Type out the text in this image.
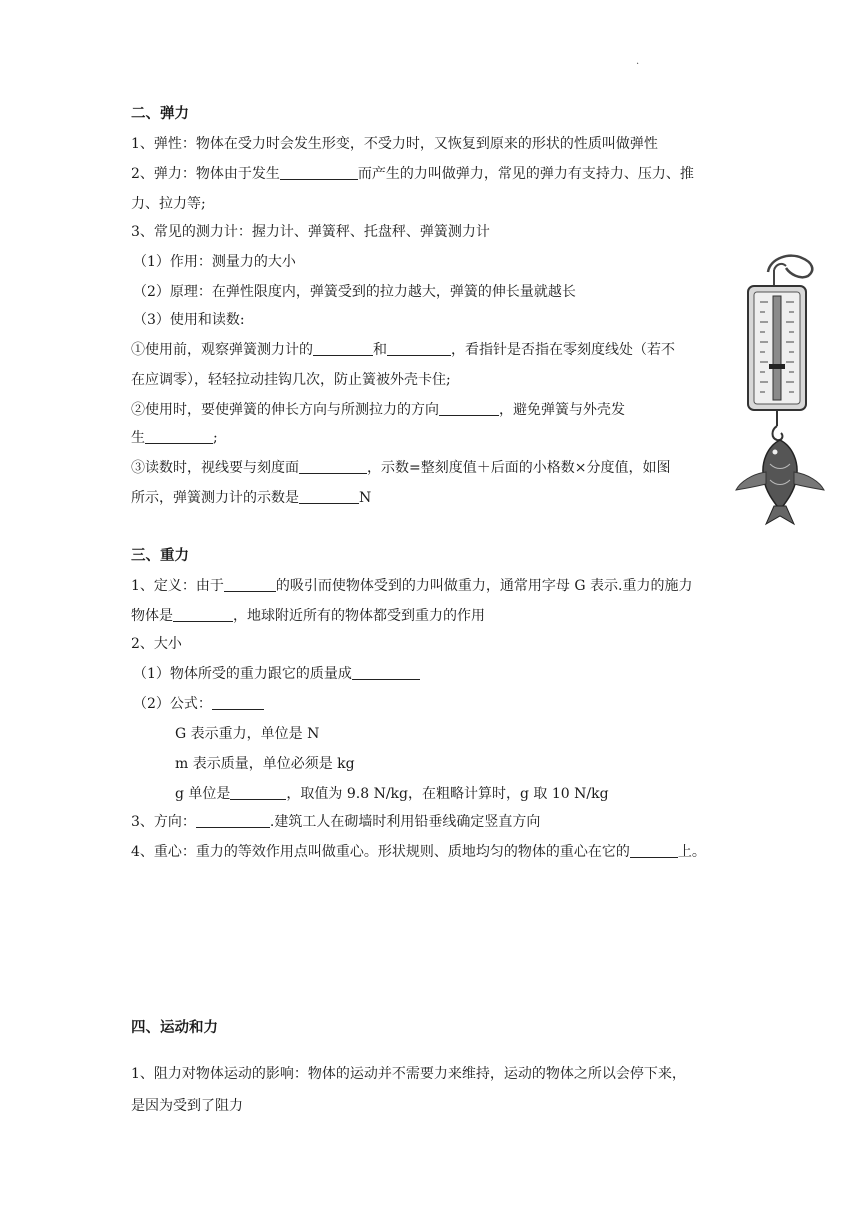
.
二、弹力
1、弹性：物体在受力时会发生形变，不受力时，又恢复到原来的形状的性质叫做弹性
2、弹力：物体由于发生	而产生的力叫做弹力，常见的弹力有支持力、压力、推
力、拉力等;
3、常见的测力计：握力计、弹簧秤、托盘秤、弹簧测力计
（1）作用：测量力的大小
（2）原理：在弹性限度内，弹簧受到的拉力越大，弹簧的伸长量就越长
（3）使用和读数:
①使用前，观察弹簧测力计的	和	，看指针是否指在零刻度线处（若不
在应调零），轻轻拉动挂钩几次，防止簧被外壳卡住;
②使用时，要使弹簧的伸长方向与所测拉力的方向	，避免弹簧与外壳发
生	;
③读数时，视线要与刻度面	，示数=整刻度值＋后面的小格数×分度值，如图
所示，弹簧测力计的示数是	N
三、重力
1、定义：由于	的吸引而使物体受到的力叫做重力，通常用字母 G 表示.重力的施力
物体是	，地球附近所有的物体都受到重力的作用
2、大小
（1）物体所受的重力跟它的质量成
（2）公式：
G 表示重力，单位是 N
m 表示质量，单位必须是 kg
g 单位是	，取值为 9.8 N/kg，在粗略计算时，g 取 10 N/kg
3、方向：	.建筑工人在砌墙时利用铅垂线确定竖直方向
4、重心：重力的等效作用点叫做重心。形状规则、质地均匀的物体的重心在它的	上。
四、运动和力
1、阻力对物体运动的影响：物体的运动并不需要力来维持，运动的物体之所以会停下来，
是因为受到了阻力
